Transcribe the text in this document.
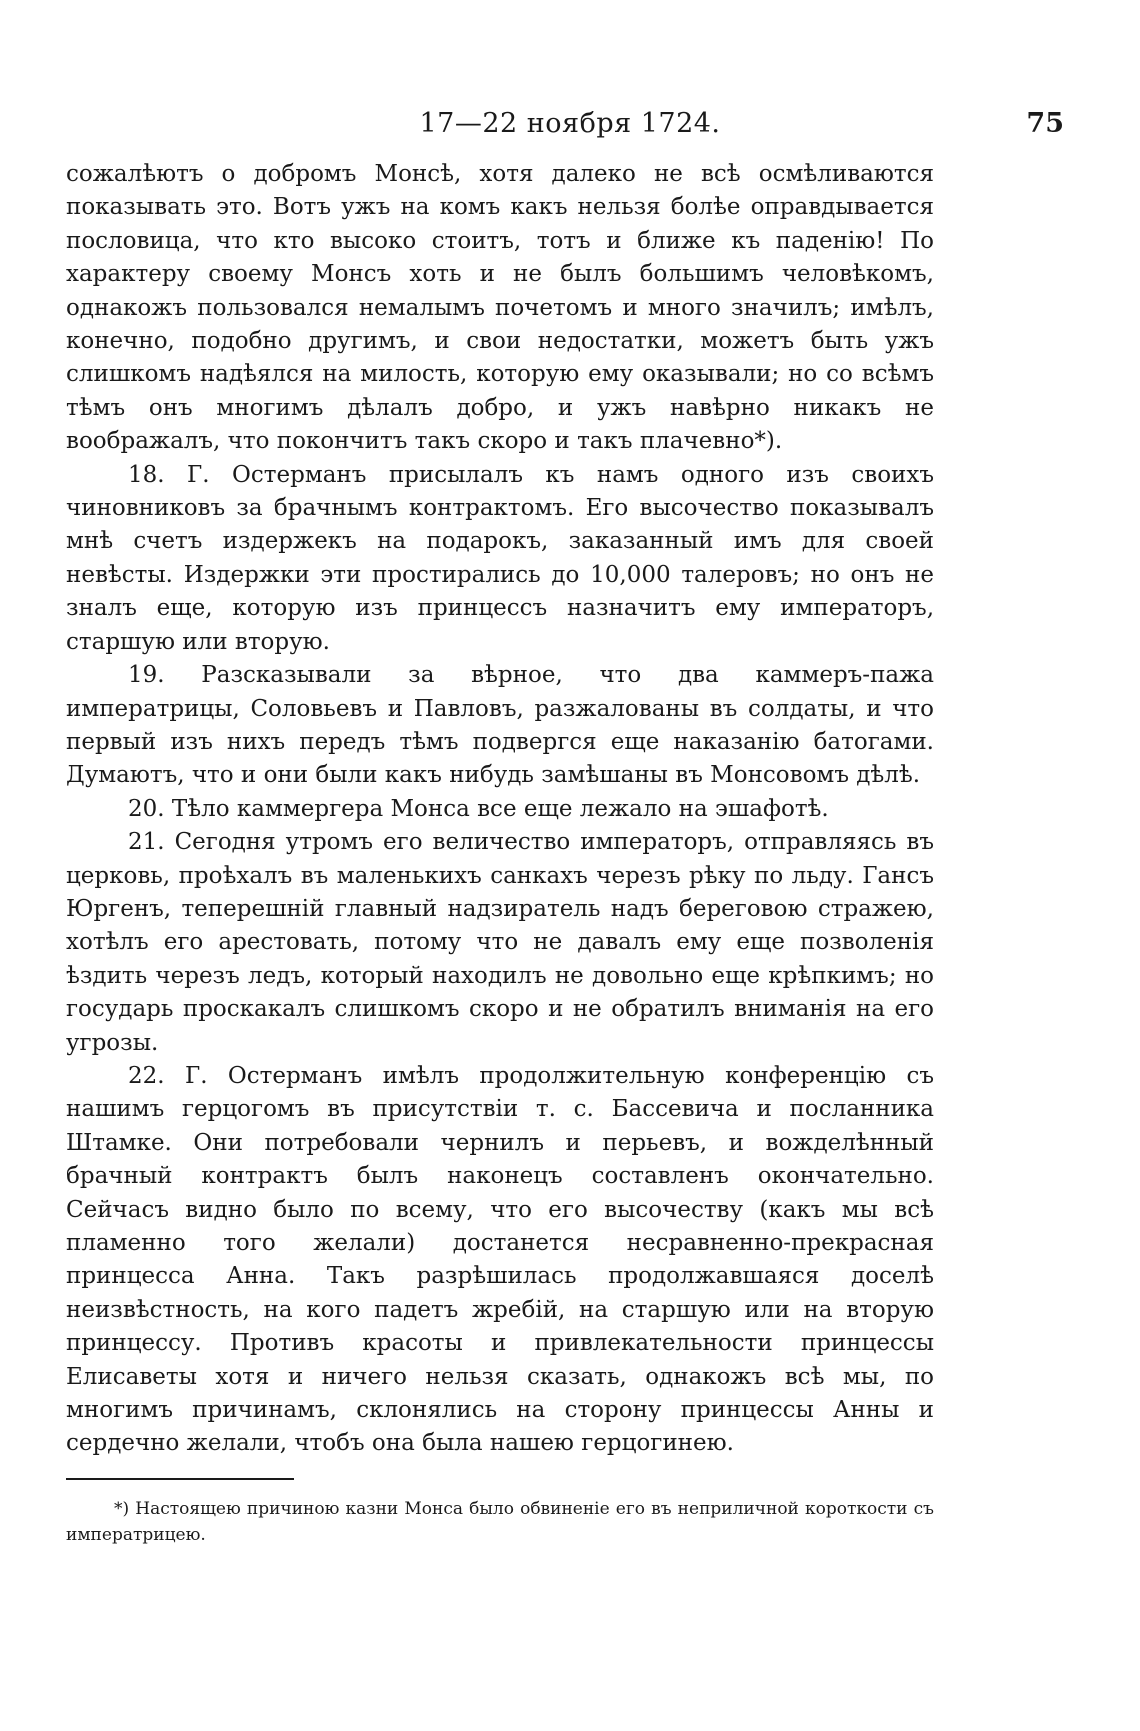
17—22 ноября 1724.	75

сожалѣютъ о добромъ Монсѣ, хотя далеко не всѣ осмѣливаются показывать это. Вотъ ужъ на комъ какъ нельзя болѣе оправдывается пословица, что кто высоко стоитъ, тотъ и ближе къ паденію! По характеру своему Монсъ хоть и не былъ большимъ человѣкомъ, однакожъ пользовался немалымъ почетомъ и много значилъ; имѣлъ, конечно, подобно другимъ, и свои недостатки, можетъ быть ужъ слишкомъ надѣялся на милость, которую ему оказывали; но со всѣмъ тѣмъ онъ многимъ дѣлалъ добро, и ужъ навѣрно никакъ не воображалъ, что покончитъ такъ скоро и такъ плачевно*).

18. Г. Остерманъ присылалъ къ намъ одного изъ своихъ чиновниковъ за брачнымъ контрактомъ. Его высочество показывалъ мнѣ счетъ издержекъ на подарокъ, заказанный имъ для своей невѣсты. Издержки эти простирались до 10,000 талеровъ; но онъ не зналъ еще, которую изъ принцессъ назначитъ ему императоръ, старшую или вторую.

19. Разсказывали за вѣрное, что два каммеръ-пажа императрицы, Соловьевъ и Павловъ, разжалованы въ солдаты, и что первый изъ нихъ передъ тѣмъ подвергся еще наказанію батогами. Думаютъ, что и они были какъ нибудь замѣшаны въ Монсовомъ дѣлѣ.

20. Тѣло каммергера Монса все еще лежало на эшафотѣ.

21. Сегодня утромъ его величество императоръ, отправляясь въ церковь, проѣхалъ въ маленькихъ санкахъ черезъ рѣку по льду. Гансъ Юргенъ, теперешній главный надзиратель надъ береговою стражею, хотѣлъ его арестовать, потому что не давалъ ему еще позволенія ѣздить черезъ ледъ, который находилъ не довольно еще крѣпкимъ; но государь проскакалъ слишкомъ скоро и не обратилъ вниманія на его угрозы.

22. Г. Остерманъ имѣлъ продолжительную конференцію съ нашимъ герцогомъ въ присутствіи т. с. Бассевича и посланника Штамке. Они потребовали чернилъ и перьевъ, и вожделѣнный брачный контрактъ былъ наконецъ составленъ окончательно. Сейчасъ видно было по всему, что его высочеству (какъ мы всѣ пламенно того желали) достанется несравненно-прекрасная принцесса Анна. Такъ разрѣшилась продолжавшаяся доселѣ неизвѣстность, на кого падетъ жребій, на старшую или на вторую принцессу. Противъ красоты и привлекательности принцессы Елисаветы хотя и ничего нельзя сказать, однакожъ всѣ мы, по многимъ причинамъ, склонялись на сторону принцессы Анны и сердечно желали, чтобъ она была нашею герцогинею.

*) Настоящею причиною казни Монса было обвиненіе его въ неприличной короткости съ императрицею.
